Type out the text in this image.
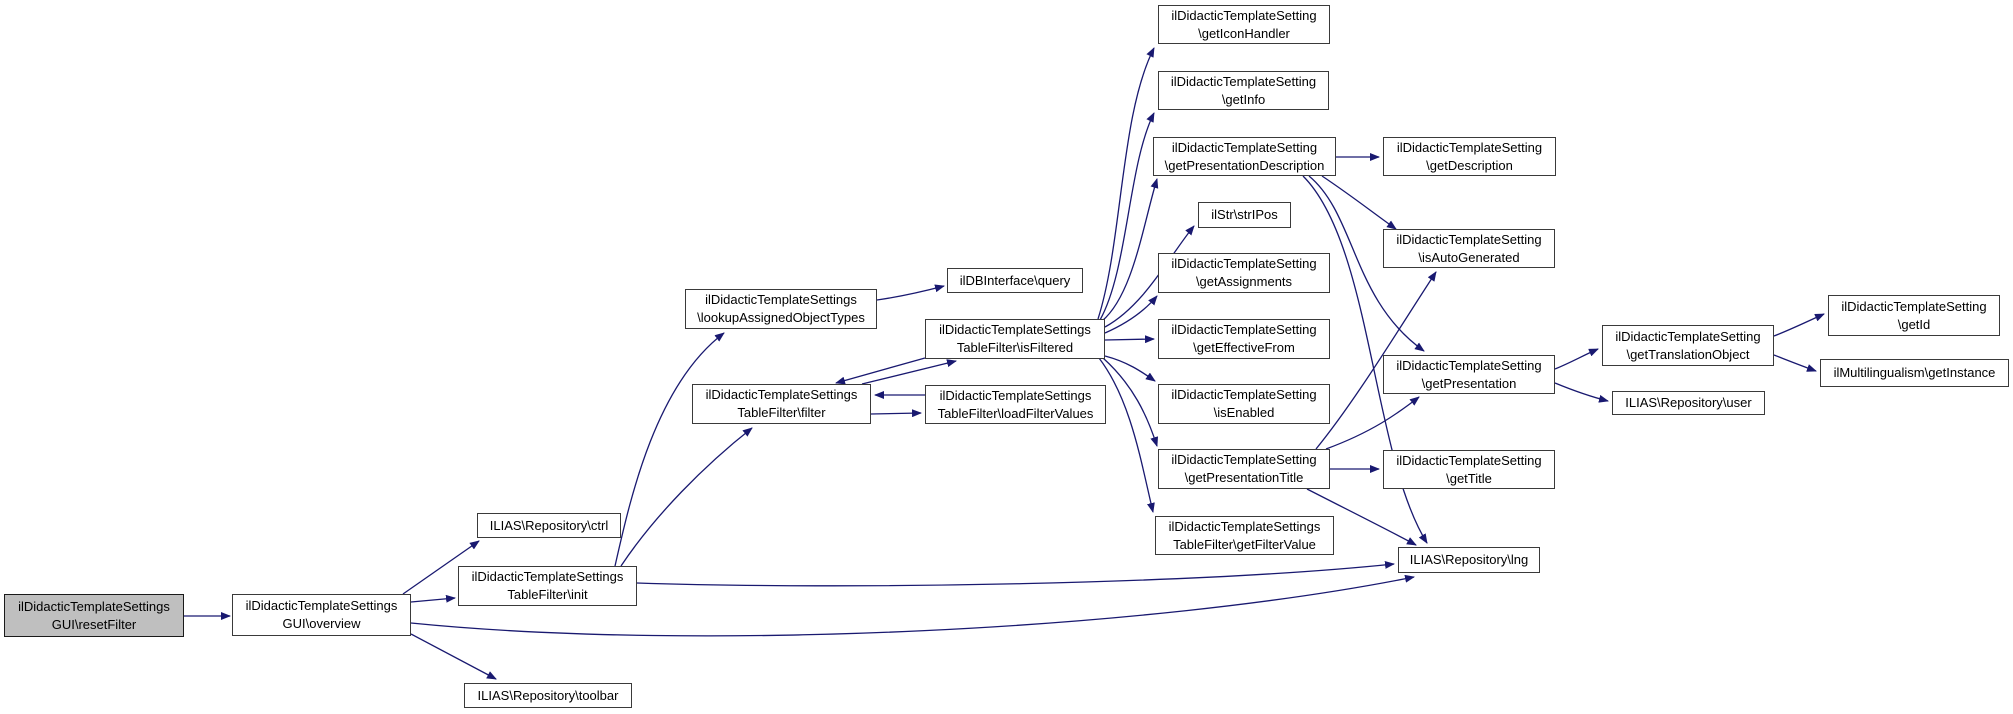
ilDidacticTemplateSettings
GUI\resetFilter
ilDidacticTemplateSettings
GUI\overview
ILIAS\Repository\ctrl
ilDidacticTemplateSettings
TableFilter\init
ILIAS\Repository\toolbar
ilDidacticTemplateSettings
\lookupAssignedObjectTypes
ilDBInterface\query
ilDidacticTemplateSettings
TableFilter\filter
ilDidacticTemplateSettings
TableFilter\isFiltered
ilDidacticTemplateSettings
TableFilter\loadFilterValues
ilDidacticTemplateSetting
\getIconHandler
ilDidacticTemplateSetting
\getInfo
ilDidacticTemplateSetting
\getPresentationDescription
ilDidacticTemplateSetting
\getDescription
ilStr\strIPos
ilDidacticTemplateSetting
\getAssignments
ilDidacticTemplateSetting
\isAutoGenerated
ilDidacticTemplateSetting
\getEffectiveFrom
ilDidacticTemplateSetting
\isEnabled
ilDidacticTemplateSetting
\getPresentation
ilDidacticTemplateSetting
\getTranslationObject
ilDidacticTemplateSetting
\getId
ilMultilingualism\getInstance
ILIAS\Repository\user
ilDidacticTemplateSetting
\getPresentationTitle
ilDidacticTemplateSetting
\getTitle
ilDidacticTemplateSettings
TableFilter\getFilterValue
ILIAS\Repository\lng
